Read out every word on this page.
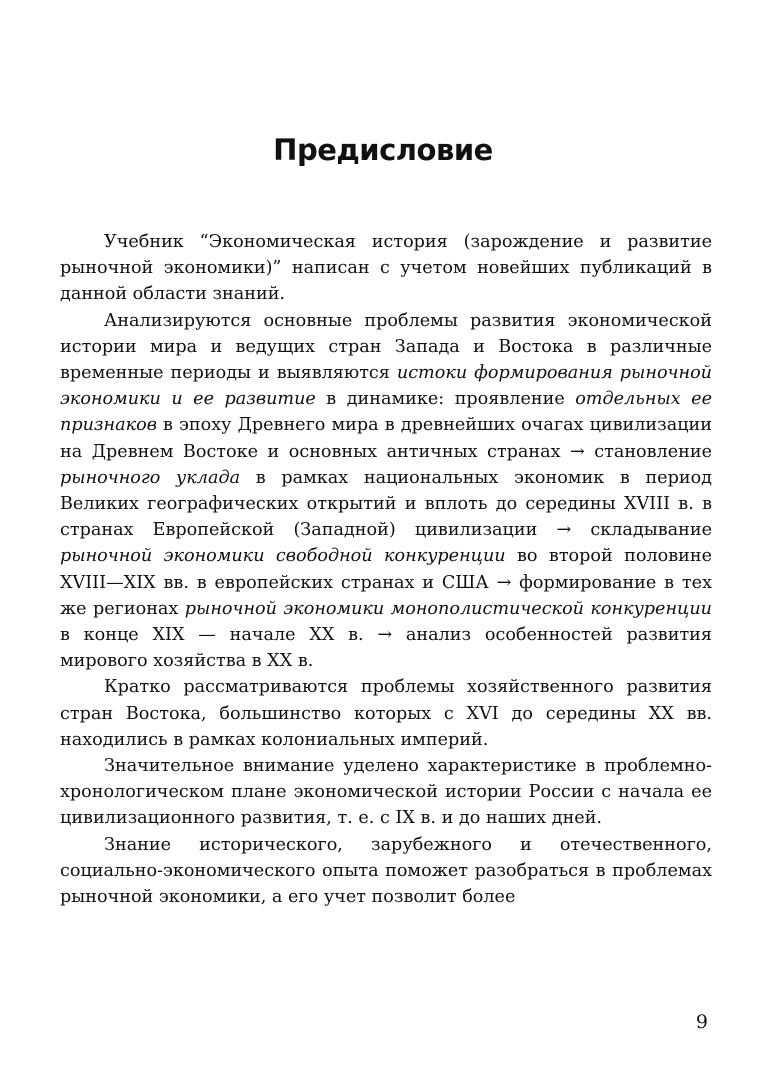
Предисловие

Учебник “Экономическая история (зарождение и развитие рыночной экономики)” написан с учетом новейших публикаций в данной области знаний.

Анализируются основные проблемы развития экономической истории мира и ведущих стран Запада и Востока в различные временные периоды и выявляются истоки формирования рыночной экономики и ее развитие в динамике: проявление отдельных ее признаков в эпоху Древнего мира в древнейших очагах цивилизации на Древнем Востоке и основных античных странах → становление рыночного уклада в рамках национальных экономик в период Великих географических открытий и вплоть до середины XVIII в. в странах Европейской (Западной) цивилизации → складывание рыночной экономики свободной конкуренции во второй половине XVIII—XIX вв. в европейских странах и США → формирование в тех же регионах рыночной экономики монополистической конкуренции в конце XIX — начале XX в. → анализ особенностей развития мирового хозяйства в XX в.

Кратко рассматриваются проблемы хозяйственного развития стран Востока, большинство которых с XVI до середины XX вв. находились в рамках колониальных империй.

Значительное внимание уделено характеристике в проблемно-хронологическом плане экономической истории России с начала ее цивилизационного развития, т. е. с IX в. и до наших дней.

Знание исторического, зарубежного и отечественного, социально-экономического опыта поможет разобраться в проблемах рыночной экономики, а его учет позволит более

9
